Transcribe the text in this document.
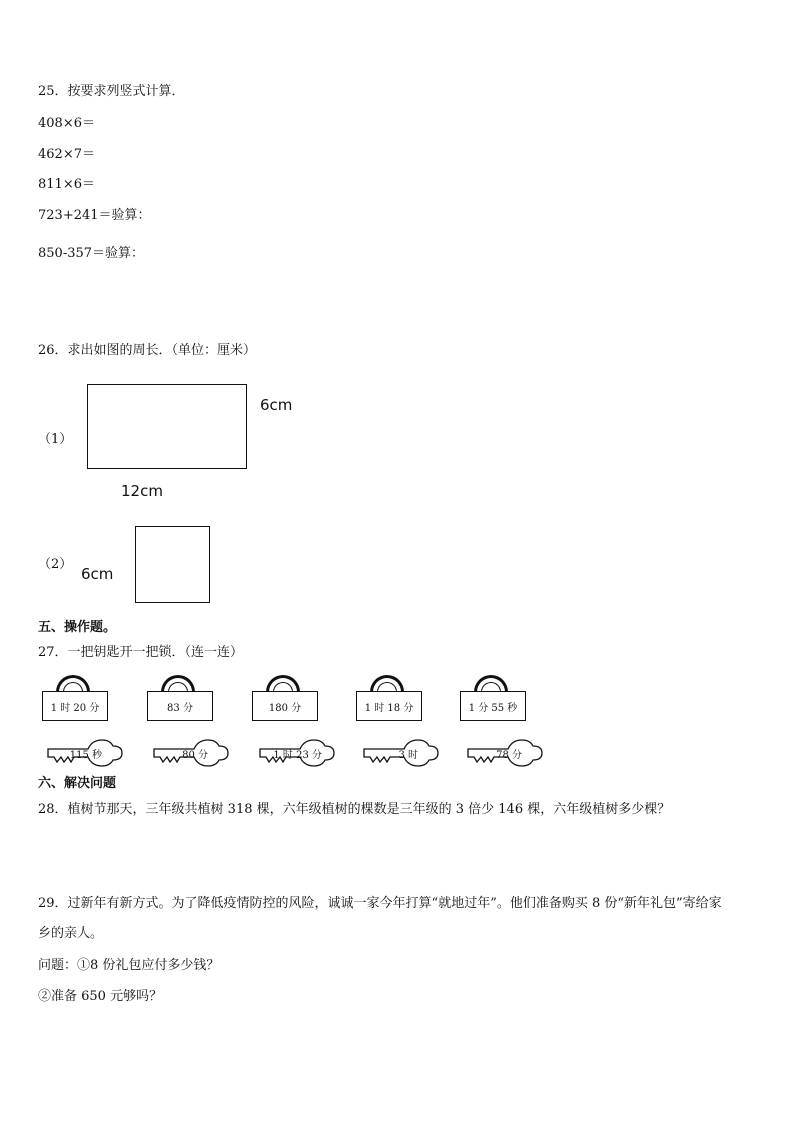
25．按要求列竖式计算．
408×6＝
462×7＝
811×6＝
723+241＝验算：
850-357＝验算：
26．求出如图的周长．（单位：厘米）
（1）
6cm
12cm
（2）
6cm
五、操作题。
27．一把钥匙开一把锁．（连一连）
1 时 20 分	83 分	180 分	1 时 18 分	1 分 55 秒
115 秒	80 分	1 时 23 分	3 时	78 分
六、解决问题
28．植树节那天，三年级共植树 318 棵，六年级植树的棵数是三年级的 3 倍少 146 棵，六年级植树多少棵？
29．过新年有新方式。为了降低疫情防控的风险，诚诚一家今年打算“就地过年”。他们准备购买 8 份“新年礼包”寄给家
乡的亲人。
问题：①8 份礼包应付多少钱？
②准备 650 元够吗？
